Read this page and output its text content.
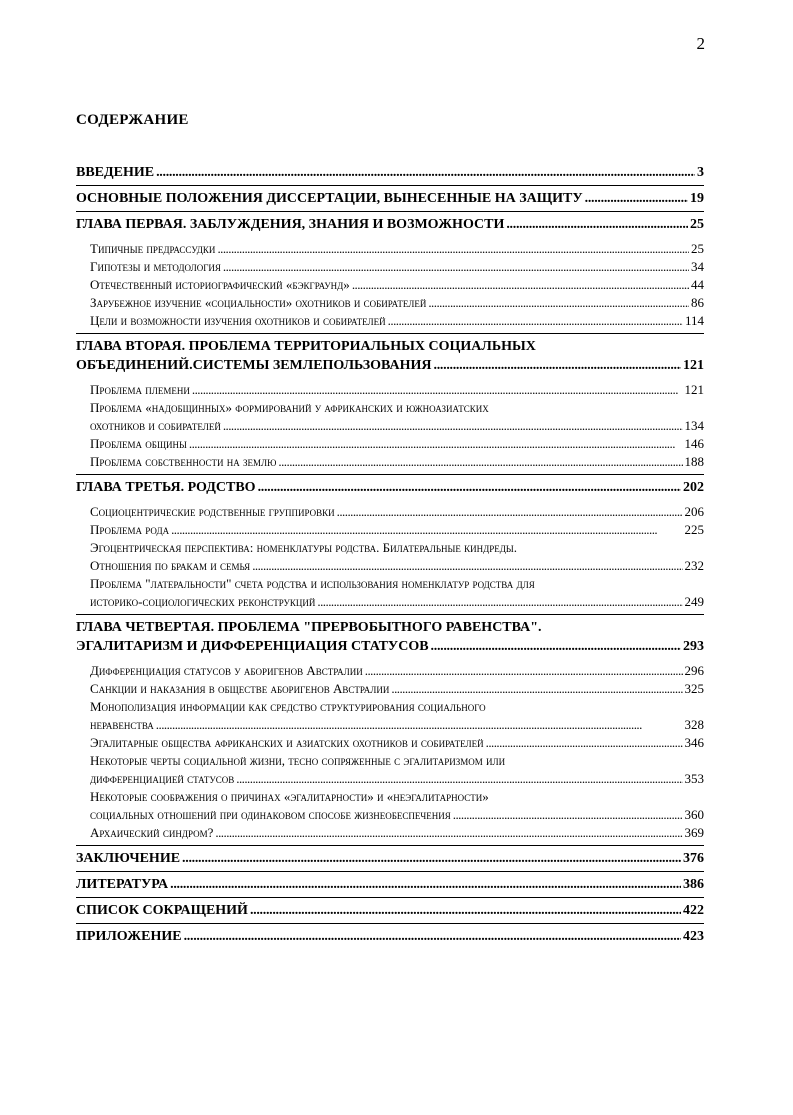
2
СОДЕРЖАНИЕ
ВВЕДЕНИЕ . . .	3
ОСНОВНЫЕ ПОЛОЖЕНИЯ ДИССЕРТАЦИИ, ВЫНЕСЕННЫЕ НА ЗАЩИТУ . . .	19
ГЛАВА ПЕРВАЯ. ЗАБЛУЖДЕНИЯ, ЗНАНИЯ И ВОЗМОЖНОСТИ . . .	25
Типичные предрассудки . . .	25
Гипотезы и методология . . .	34
Отечественный историографический «бэкграунд» . . .	44
Зарубежное изучение «социальности» охотников и собирателей . . .	86
Цели и возможности изучения охотников и собирателей . . .	114
ГЛАВА ВТОРАЯ. ПРОБЛЕМА ТЕРРИТОРИАЛЬНЫХ СОЦИАЛЬНЫХ
ОБЪЕДИНЕНИЙ.СИСТЕМЫ ЗЕМЛЕПОЛЬЗОВАНИЯ . . .	121
Проблема племени . . .	121
Проблема «надобщинных» формирований у африканских и южноазиатских
охотников и собирателей . . .	134
Проблема общины . . .	146
Проблема собственности на землю . . .	188
ГЛАВА ТРЕТЬЯ. РОДСТВО . . .	202
Социоцентрические родственные группировки . . .	206
Проблема рода . . .	225
Эгоцентрическая перспектива: номенклатуры родства. Билатеральные киндреды.
Отношения по бракам и семья . . .	232
Проблема "латеральности" счета родства и использования номенклатур родства для
историко-социологических реконструкций . . .	249
ГЛАВА ЧЕТВЕРТАЯ. ПРОБЛЕМА "ПРЕРВОБЫТНОГО РАВЕНСТВА".
ЭГАЛИТАРИЗМ И ДИФФЕРЕНЦИАЦИЯ СТАТУСОВ . . .	293
Дифференциация статусов у аборигенов Австралии . . .	296
Санкции и наказания в обществе аборигенов Австралии . . .	325
Монополизация информации как средство структурирования социального
неравенства . . .	328
Эгалитарные общества африканских и азиатских охотников и собирателей . . .	346
Некоторые черты социальной жизни, тесно сопряженные с эгалитаризмом или
дифференциацией статусов . . .	353
Некоторые соображения о причинах «эгалитарности» и «неэгалитарности»
социальных отношений при одинаковом способе жизнеобеспечения . . .	360
Архаический синдром? . . .	369
ЗАКЛЮЧЕНИЕ . . .	376
ЛИТЕРАТУРА . . .	386
СПИСОК СОКРАЩЕНИЙ . . .	422
ПРИЛОЖЕНИЕ . . .	423
